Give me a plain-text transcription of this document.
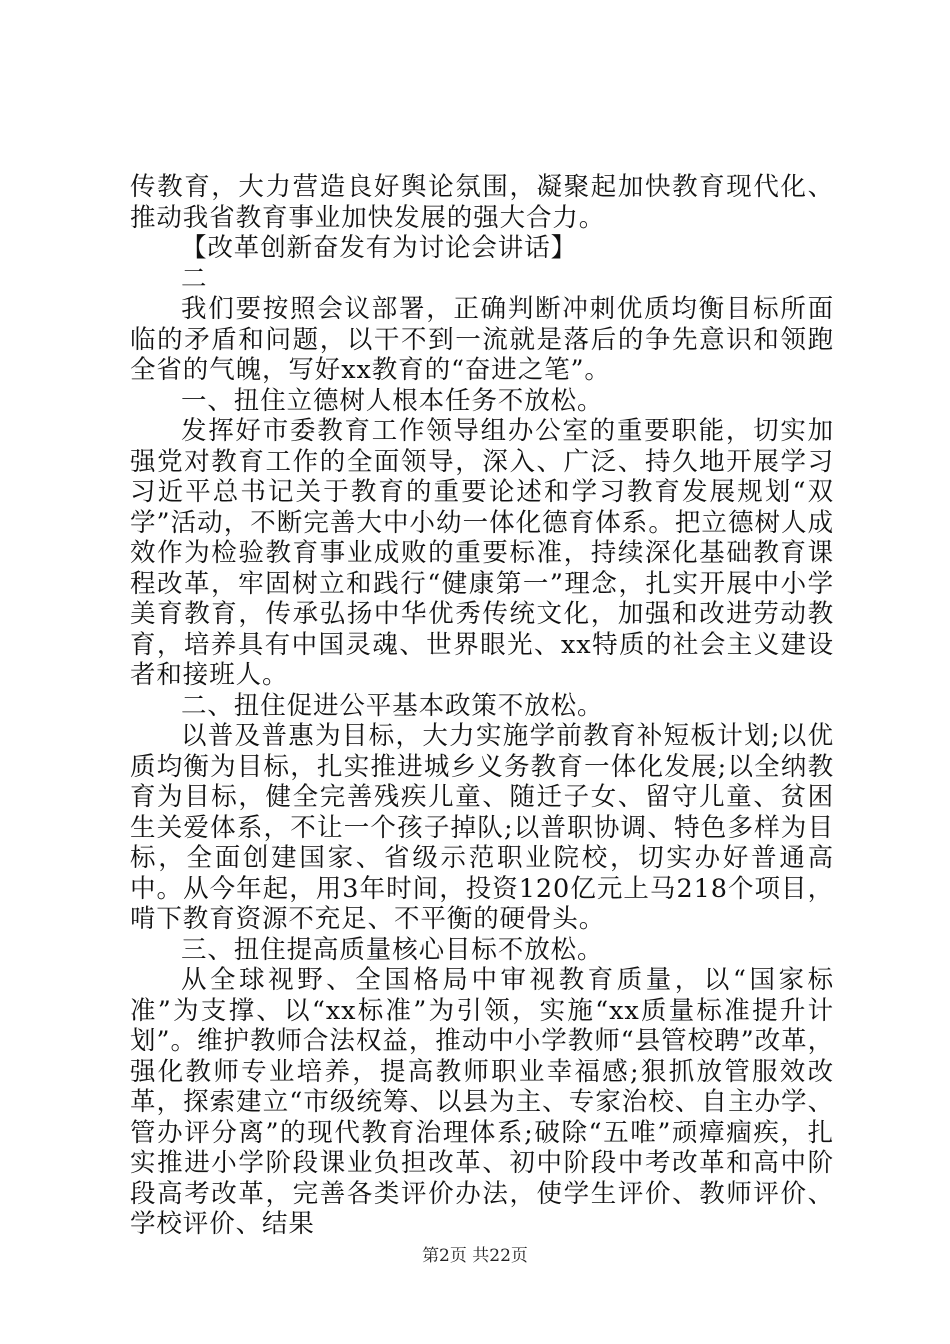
传教育，大力营造良好舆论氛围，凝聚起加快教育现代化、推动我省教育事业加快发展的强大合力。

【改革创新奋发有为讨论会讲话】

二

我们要按照会议部署，正确判断冲刺优质均衡目标所面临的矛盾和问题，以干不到一流就是落后的争先意识和领跑全省的气魄，写好xx教育的“奋进之笔”。

一、扭住立德树人根本任务不放松。

发挥好市委教育工作领导组办公室的重要职能，切实加强党对教育工作的全面领导，深入、广泛、持久地开展学习习近平总书记关于教育的重要论述和学习教育发展规划“双学”活动，不断完善大中小幼一体化德育体系。把立德树人成效作为检验教育事业成败的重要标准，持续深化基础教育课程改革，牢固树立和践行“健康第一”理念，扎实开展中小学美育教育，传承弘扬中华优秀传统文化，加强和改进劳动教育，培养具有中国灵魂、世界眼光、xx特质的社会主义建设者和接班人。

二、扭住促进公平基本政策不放松。

以普及普惠为目标，大力实施学前教育补短板计划;以优质均衡为目标，扎实推进城乡义务教育一体化发展;以全纳教育为目标，健全完善残疾儿童、随迁子女、留守儿童、贫困生关爱体系，不让一个孩子掉队;以普职协调、特色多样为目标，全面创建国家、省级示范职业院校，切实办好普通高中。从今年起，用3年时间，投资120亿元上马218个项目，啃下教育资源不充足、不平衡的硬骨头。

三、扭住提高质量核心目标不放松。

从全球视野、全国格局中审视教育质量，以“国家标准”为支撑、以“xx标准”为引领，实施“xx质量标准提升计划”。维护教师合法权益，推动中小学教师“县管校聘”改革，强化教师专业培养，提高教师职业幸福感;狠抓放管服效改革，探索建立“市级统筹、以县为主、专家治校、自主办学、管办评分离”的现代教育治理体系;破除“五唯”顽瘴痼疾，扎实推进小学阶段课业负担改革、初中阶段中考改革和高中阶段高考改革，完善各类评价办法，使学生评价、教师评价、学校评价、结果

第2页 共22页
